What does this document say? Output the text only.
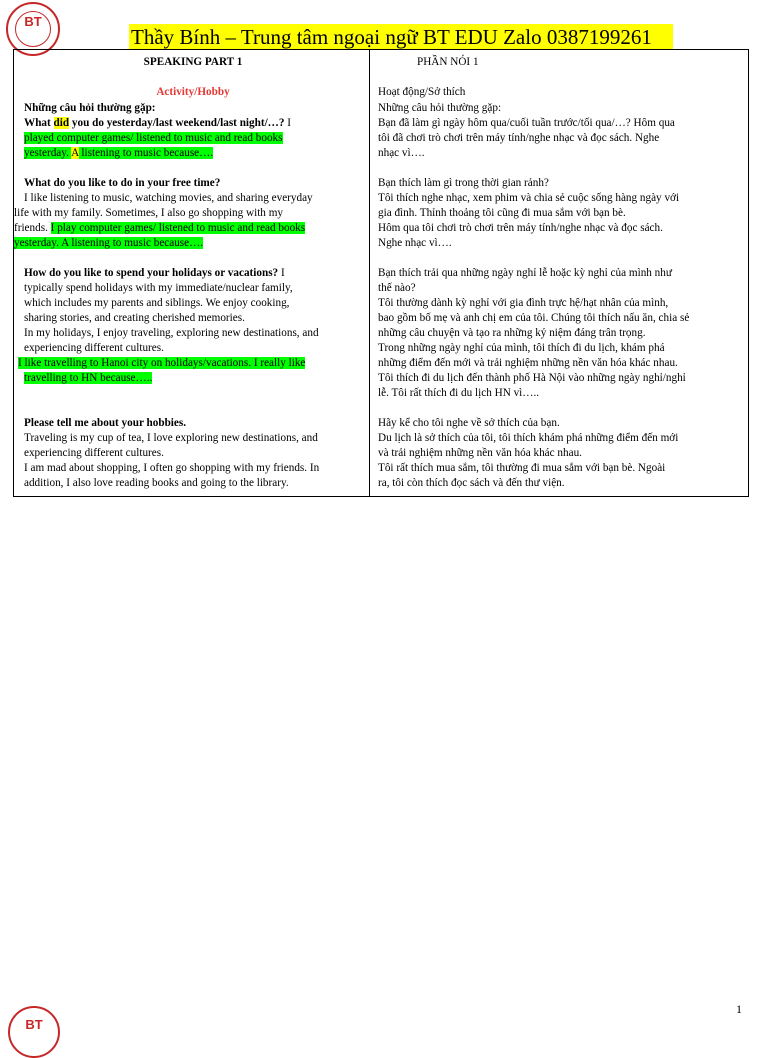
BT
Thầy Bính – Trung tâm ngoại ngữ BT EDU Zalo 0387199261
SPEAKING PART 1
Activity/Hobby
Những câu hỏi thường gặp:
What did you do yesterday/last weekend/last night/…? I
played computer games/ listened to music and read books
yesterday. A listening to music because….
What do you like to do in your free time?
I like listening to music, watching movies, and sharing everyday
life with my family. Sometimes, I also go shopping with my
friends. I play computer games/ listened to music and read books
yesterday. A listening to music because….
How do you like to spend your holidays or vacations? I
typically spend holidays with my immediate/nuclear family,
which includes my parents and siblings. We enjoy cooking,
sharing stories, and creating cherished memories.
In my holidays, I enjoy traveling, exploring new destinations, and
experiencing different cultures.
I like travelling to Hanoi city on holidays/vacations. I really like
travelling to HN because…..
Please tell me about your hobbies.
Traveling is my cup of tea, I love exploring new destinations, and
experiencing different cultures.
I am mad about shopping, I often go shopping with my friends. In
addition, I also love reading books and going to the library.
PHẦN NÓI 1
Hoạt động/Sở thích
Những câu hỏi thường gặp:
Bạn đã làm gì ngày hôm qua/cuối tuần trước/tối qua/…? Hôm qua
tôi đã chơi trò chơi trên máy tính/nghe nhạc và đọc sách. Nghe
nhạc vì….
Bạn thích làm gì trong thời gian rảnh?
Tôi thích nghe nhạc, xem phim và chia sẻ cuộc sống hàng ngày với
gia đình. Thỉnh thoảng tôi cũng đi mua sắm với bạn bè.
Hôm qua tôi chơi trò chơi trên máy tính/nghe nhạc và đọc sách.
Nghe nhạc vì….
Bạn thích trải qua những ngày nghỉ lễ hoặc kỳ nghỉ của mình như
thế nào?
Tôi thường dành kỳ nghỉ với gia đình trực hệ/hạt nhân của mình,
bao gồm bố mẹ và anh chị em của tôi. Chúng tôi thích nấu ăn, chia sẻ
những câu chuyện và tạo ra những kỷ niệm đáng trân trọng.
Trong những ngày nghỉ của mình, tôi thích đi du lịch, khám phá
những điểm đến mới và trải nghiệm những nền văn hóa khác nhau.
Tôi thích đi du lịch đến thành phố Hà Nội vào những ngày nghỉ/nghỉ
lễ. Tôi rất thích đi du lịch HN vì…..
Hãy kể cho tôi nghe về sở thích của bạn.
Du lịch là sở thích của tôi, tôi thích khám phá những điểm đến mới
và trải nghiệm những nền văn hóa khác nhau.
Tôi rất thích mua sắm, tôi thường đi mua sắm với bạn bè. Ngoài
ra, tôi còn thích đọc sách và đến thư viện.
BT
1
